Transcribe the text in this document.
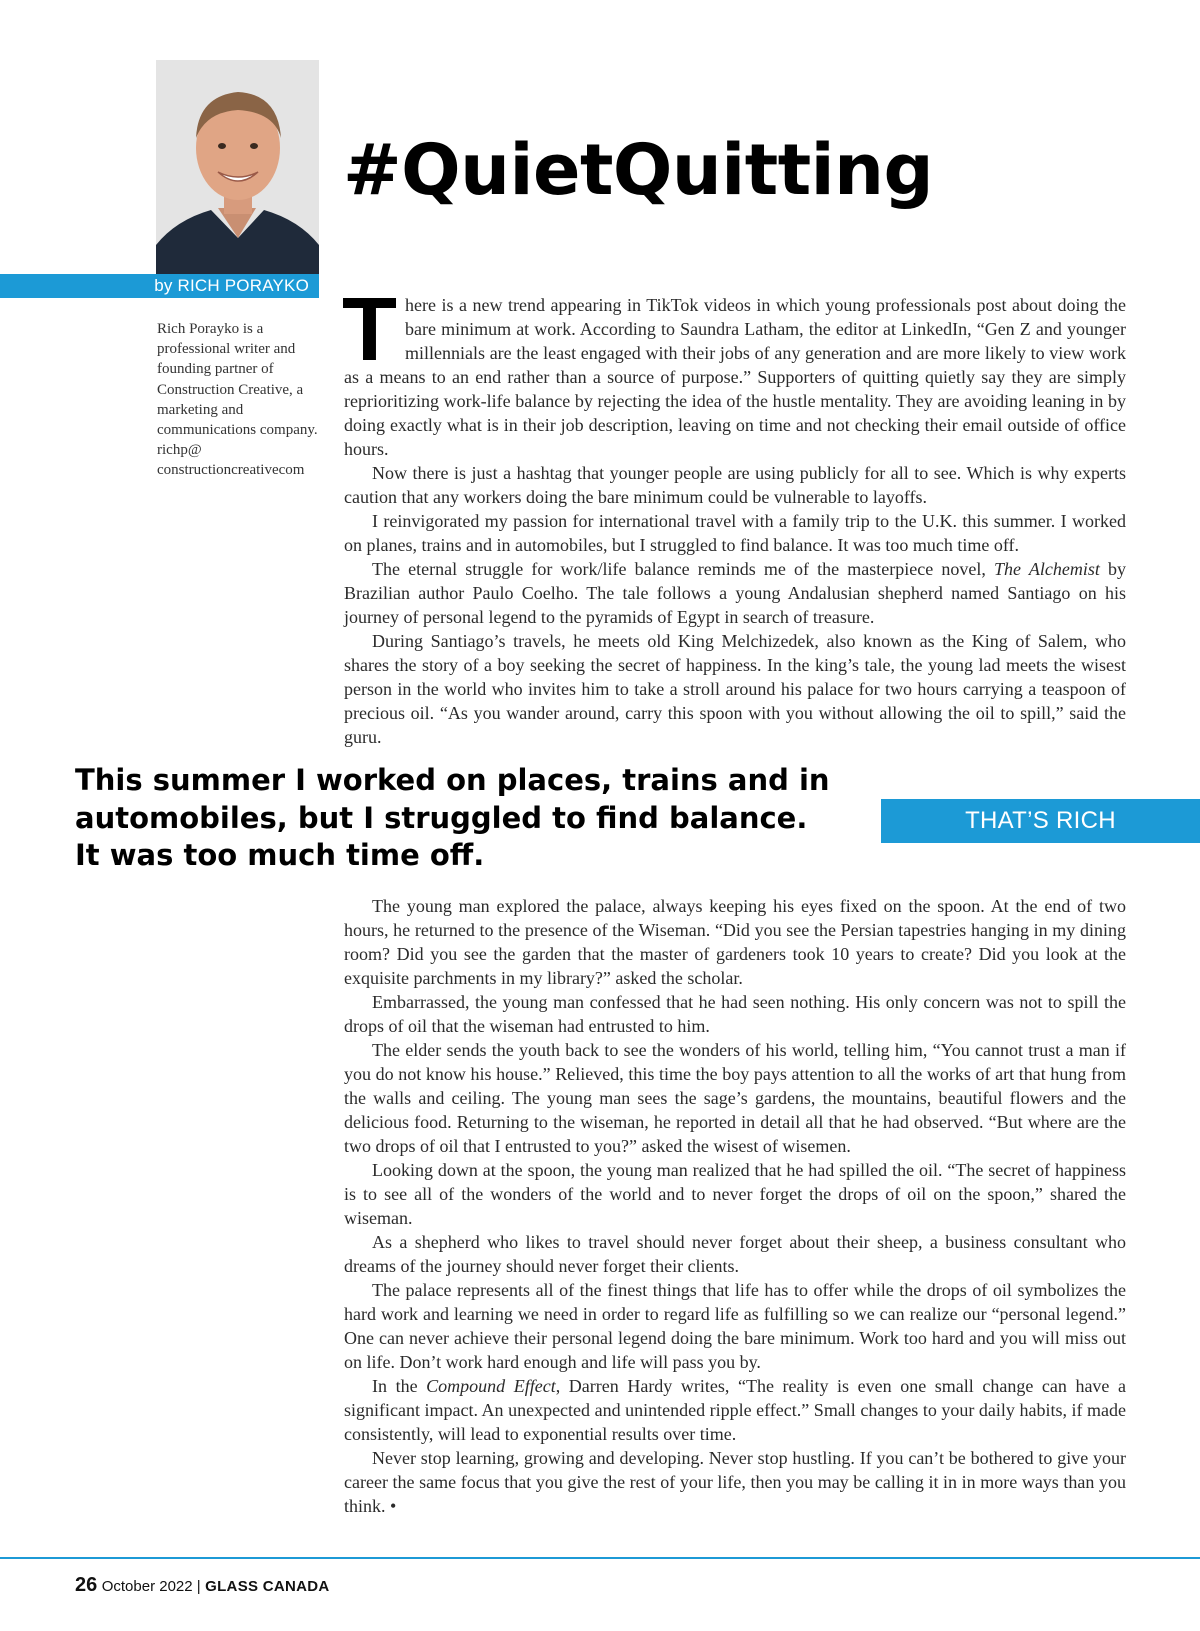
by RICH PORAYKO
#QuietQuitting

Rich Porayko is a professional writer and founding partner of Construction Creative, a marketing and communications company. richp@ constructioncreativecom

There is a new trend appearing in TikTok videos in which young professionals post about doing the bare minimum at work. According to Saundra Latham, the editor at LinkedIn, “Gen Z and younger millennials are the least engaged with their jobs of any generation and are more likely to view work as a means to an end rather than a source of purpose.” Supporters of quitting quietly say they are simply reprioritizing work-life balance by rejecting the idea of the hustle mentality. They are avoiding leaning in by doing exactly what is in their job description, leaving on time and not checking their email outside of office hours.

Now there is just a hashtag that younger people are using publicly for all to see. Which is why experts caution that any workers doing the bare minimum could be vulnerable to layoffs.

I reinvigorated my passion for international travel with a family trip to the U.K. this summer. I worked on planes, trains and in automobiles, but I struggled to find balance. It was too much time off.

The eternal struggle for work/life balance reminds me of the masterpiece novel, The Alchemist by Brazilian author Paulo Coelho. The tale follows a young Andalusian shepherd named Santiago on his journey of personal legend to the pyramids of Egypt in search of treasure.

During Santiago’s travels, he meets old King Melchizedek, also known as the King of Salem, who shares the story of a boy seeking the secret of happiness. In the king’s tale, the young lad meets the wisest person in the world who invites him to take a stroll around his palace for two hours carrying a teaspoon of precious oil. “As you wander around, carry this spoon with you without allowing the oil to spill,” said the guru.

This summer I worked on places, trains and in automobiles, but I struggled to find balance. It was too much time off.

THAT’S RICH

The young man explored the palace, always keeping his eyes fixed on the spoon. At the end of two hours, he returned to the presence of the Wiseman. “Did you see the Persian tapestries hanging in my dining room? Did you see the garden that the master of gardeners took 10 years to create? Did you look at the exquisite parchments in my library?” asked the scholar.

Embarrassed, the young man confessed that he had seen nothing. His only concern was not to spill the drops of oil that the wiseman had entrusted to him.

The elder sends the youth back to see the wonders of his world, telling him, “You cannot trust a man if you do not know his house.” Relieved, this time the boy pays attention to all the works of art that hung from the walls and ceiling. The young man sees the sage’s gardens, the mountains, beautiful flowers and the delicious food. Returning to the wiseman, he reported in detail all that he had observed. “But where are the two drops of oil that I entrusted to you?” asked the wisest of wisemen.

Looking down at the spoon, the young man realized that he had spilled the oil. “The secret of happiness is to see all of the wonders of the world and to never forget the drops of oil on the spoon,” shared the wiseman.

As a shepherd who likes to travel should never forget about their sheep, a business consultant who dreams of the journey should never forget their clients.

The palace represents all of the finest things that life has to offer while the drops of oil symbolizes the hard work and learning we need in order to regard life as fulfilling so we can realize our “personal legend.” One can never achieve their personal legend doing the bare minimum. Work too hard and you will miss out on life. Don’t work hard enough and life will pass you by.

In the Compound Effect, Darren Hardy writes, “The reality is even one small change can have a significant impact. An unexpected and unintended ripple effect.” Small changes to your daily habits, if made consistently, will lead to exponential results over time.

Never stop learning, growing and developing. Never stop hustling. If you can’t be bothered to give your career the same focus that you give the rest of your life, then you may be calling it in in more ways than you think. •

26 October 2022 | GLASS CANADA
